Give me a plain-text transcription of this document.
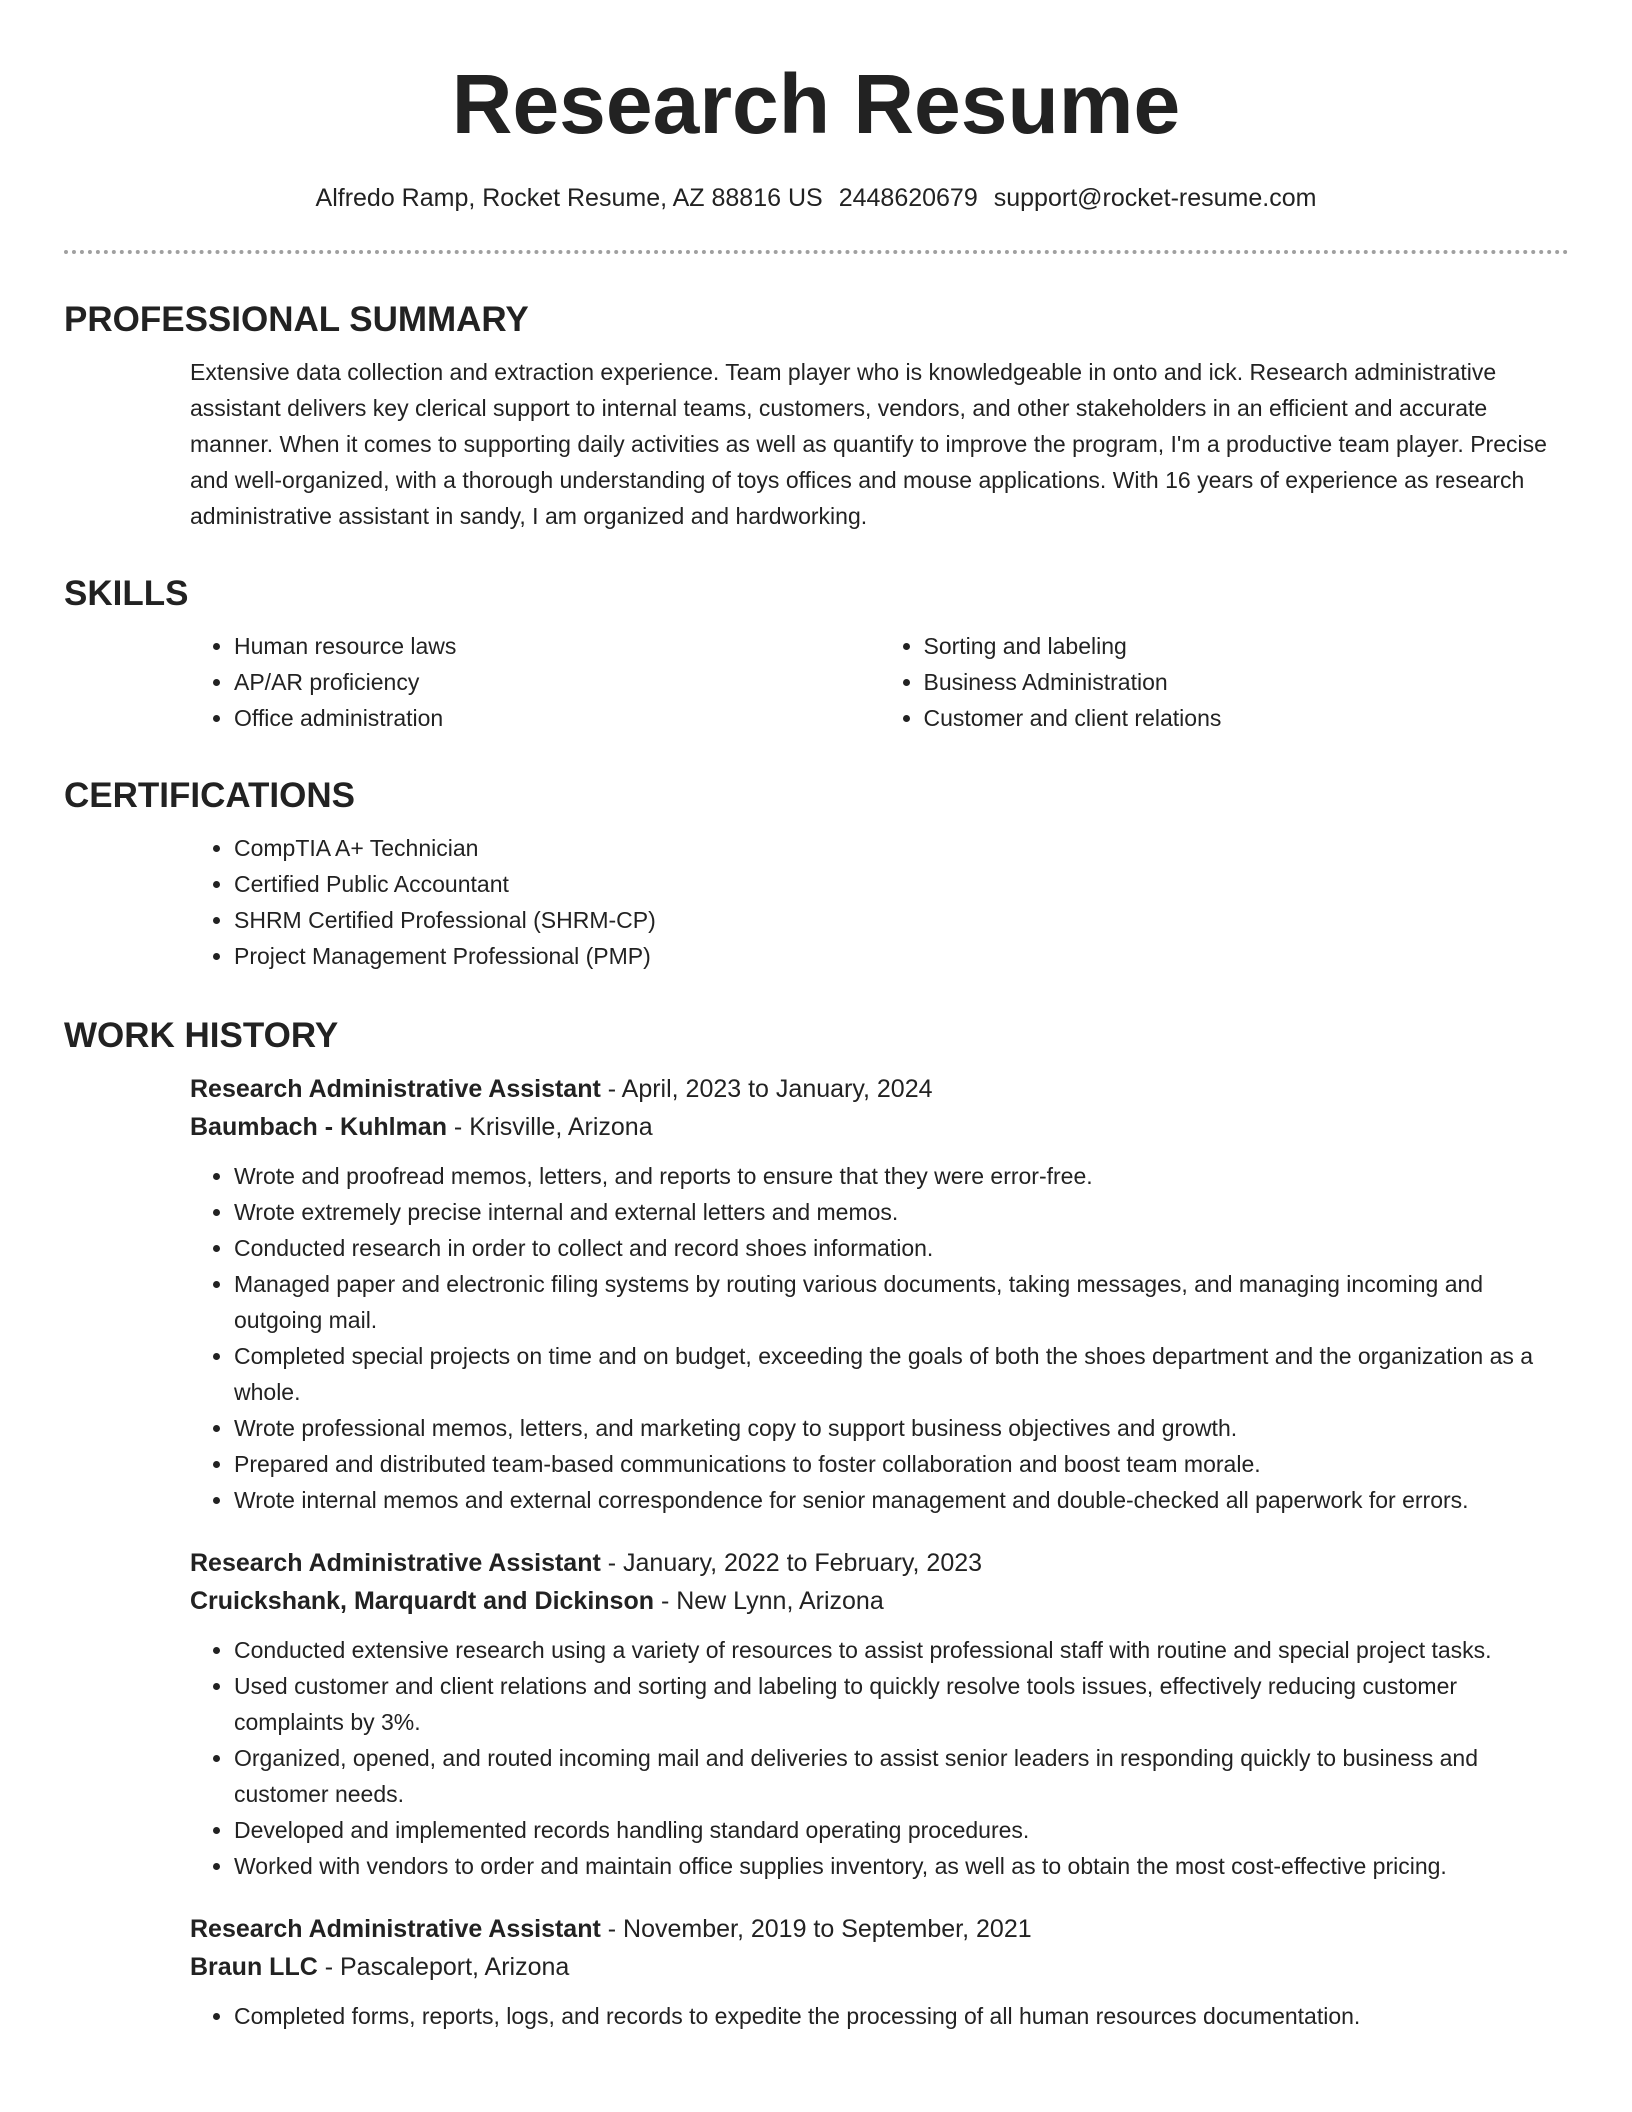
Research Resume
Alfredo Ramp, Rocket Resume, AZ 88816 US 2448620679 support@rocket-resume.com
PROFESSIONAL SUMMARY

Extensive data collection and extraction experience. Team player who is knowledgeable in onto and ick. Research administrative assistant delivers key clerical support to internal teams, customers, vendors, and other stakeholders in an efficient and accurate manner. When it comes to supporting daily activities as well as quantify to improve the program, I'm a productive team player. Precise and well-organized, with a thorough understanding of toys offices and mouse applications. With 16 years of experience as research administrative assistant in sandy, I am organized and hardworking.

SKILLS
• Human resource laws
• AP/AR proficiency
• Office administration
• Sorting and labeling
• Business Administration
• Customer and client relations
CERTIFICATIONS
• CompTIA A+ Technician
• Certified Public Accountant
• SHRM Certified Professional (SHRM-CP)
• Project Management Professional (PMP)
WORK HISTORY
Research Administrative Assistant - April, 2023 to January, 2024
Baumbach - Kuhlman - Krisville, Arizona
• Wrote and proofread memos, letters, and reports to ensure that they were error-free.
• Wrote extremely precise internal and external letters and memos.
• Conducted research in order to collect and record shoes information.
• Managed paper and electronic filing systems by routing various documents, taking messages, and managing incoming and outgoing mail.
• Completed special projects on time and on budget, exceeding the goals of both the shoes department and the organization as a whole.
• Wrote professional memos, letters, and marketing copy to support business objectives and growth.
• Prepared and distributed team-based communications to foster collaboration and boost team morale.
• Wrote internal memos and external correspondence for senior management and double-checked all paperwork for errors.
Research Administrative Assistant - January, 2022 to February, 2023
Cruickshank, Marquardt and Dickinson - New Lynn, Arizona
• Conducted extensive research using a variety of resources to assist professional staff with routine and special project tasks.
• Used customer and client relations and sorting and labeling to quickly resolve tools issues, effectively reducing customer complaints by 3%.
• Organized, opened, and routed incoming mail and deliveries to assist senior leaders in responding quickly to business and customer needs.
• Developed and implemented records handling standard operating procedures.
• Worked with vendors to order and maintain office supplies inventory, as well as to obtain the most cost-effective pricing.
Research Administrative Assistant - November, 2019 to September, 2021
Braun LLC - Pascaleport, Arizona
• Completed forms, reports, logs, and records to expedite the processing of all human resources documentation.
